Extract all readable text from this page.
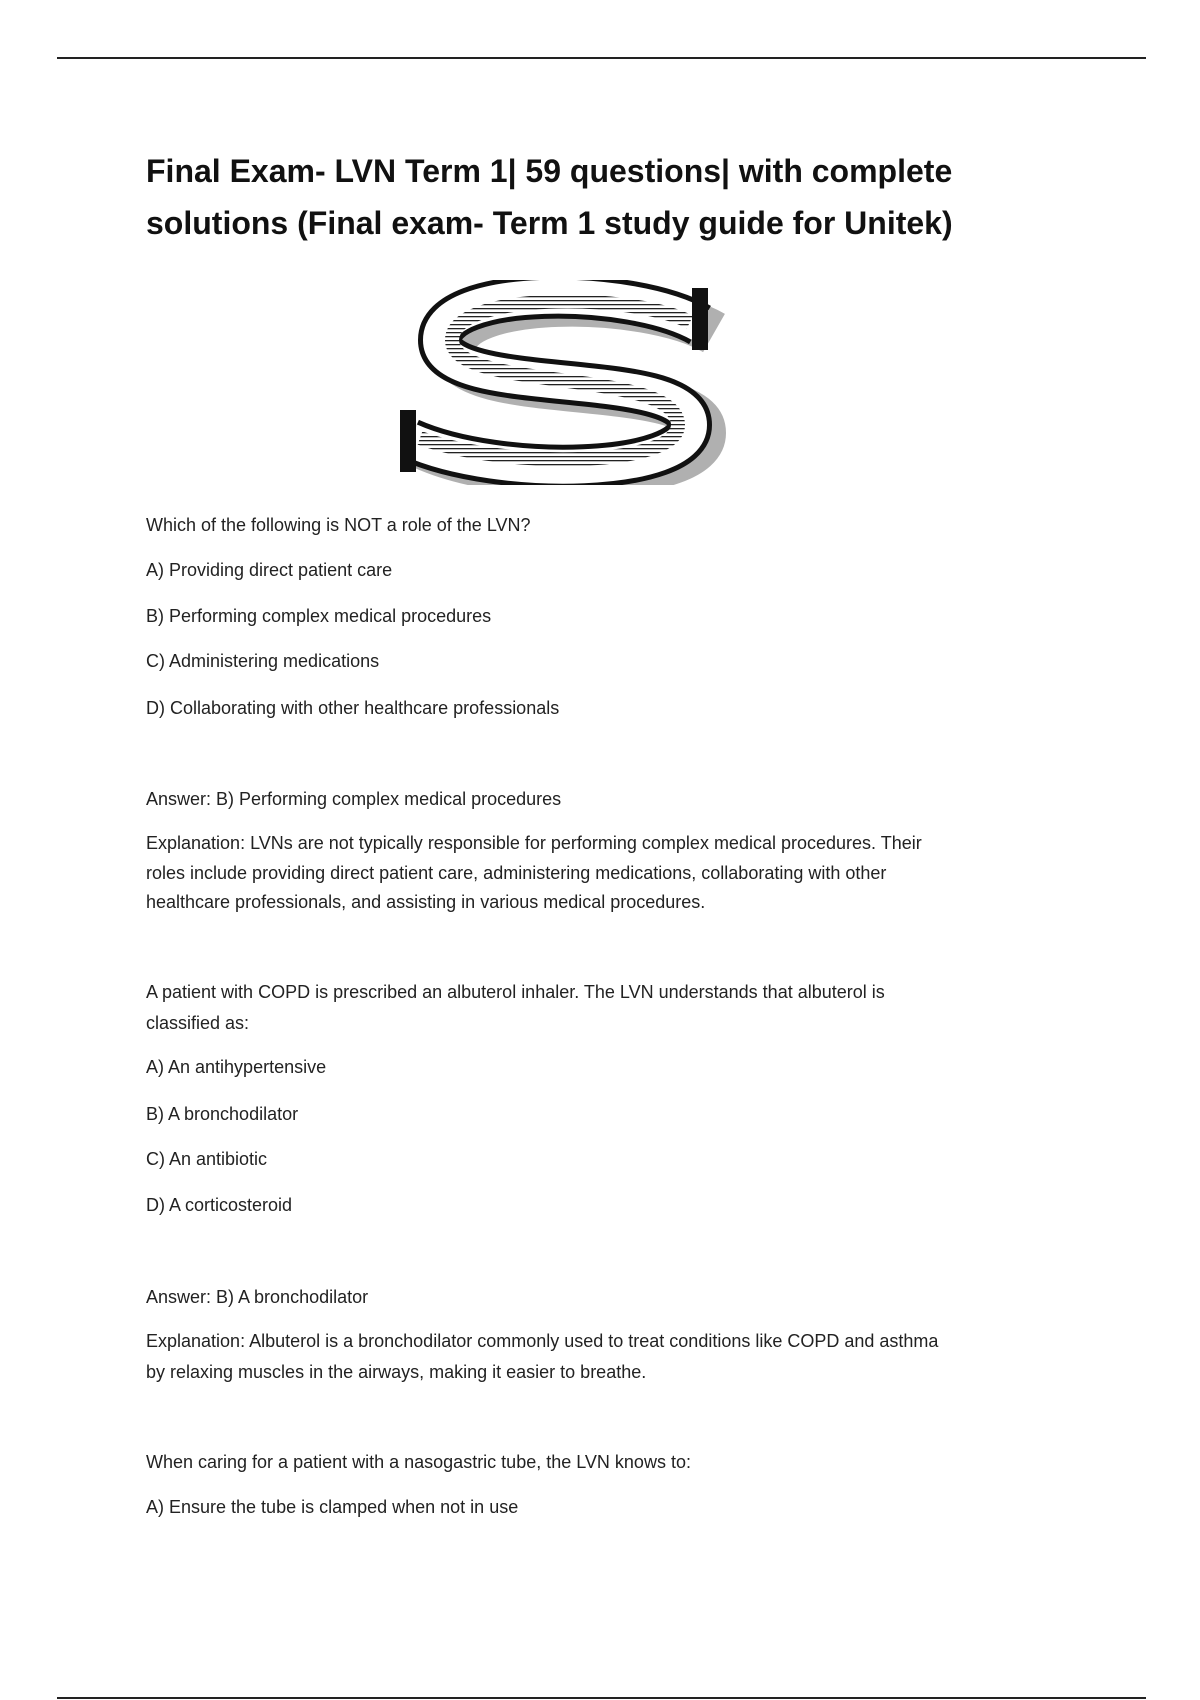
Final Exam- LVN Term 1| 59 questions| with complete
solutions (Final exam- Term 1 study guide for Unitek)
Which of the following is NOT a role of the LVN?
A) Providing direct patient care
B) Performing complex medical procedures
C) Administering medications
D) Collaborating with other healthcare professionals
Answer: B) Performing complex medical procedures
Explanation: LVNs are not typically responsible for performing complex medical procedures. Their
roles include providing direct patient care, administering medications, collaborating with other
healthcare professionals, and assisting in various medical procedures.
A patient with COPD is prescribed an albuterol inhaler. The LVN understands that albuterol is
classified as:
A) An antihypertensive
B) A bronchodilator
C) An antibiotic
D) A corticosteroid
Answer: B) A bronchodilator
Explanation: Albuterol is a bronchodilator commonly used to treat conditions like COPD and asthma
by relaxing muscles in the airways, making it easier to breathe.
When caring for a patient with a nasogastric tube, the LVN knows to:
A) Ensure the tube is clamped when not in use
